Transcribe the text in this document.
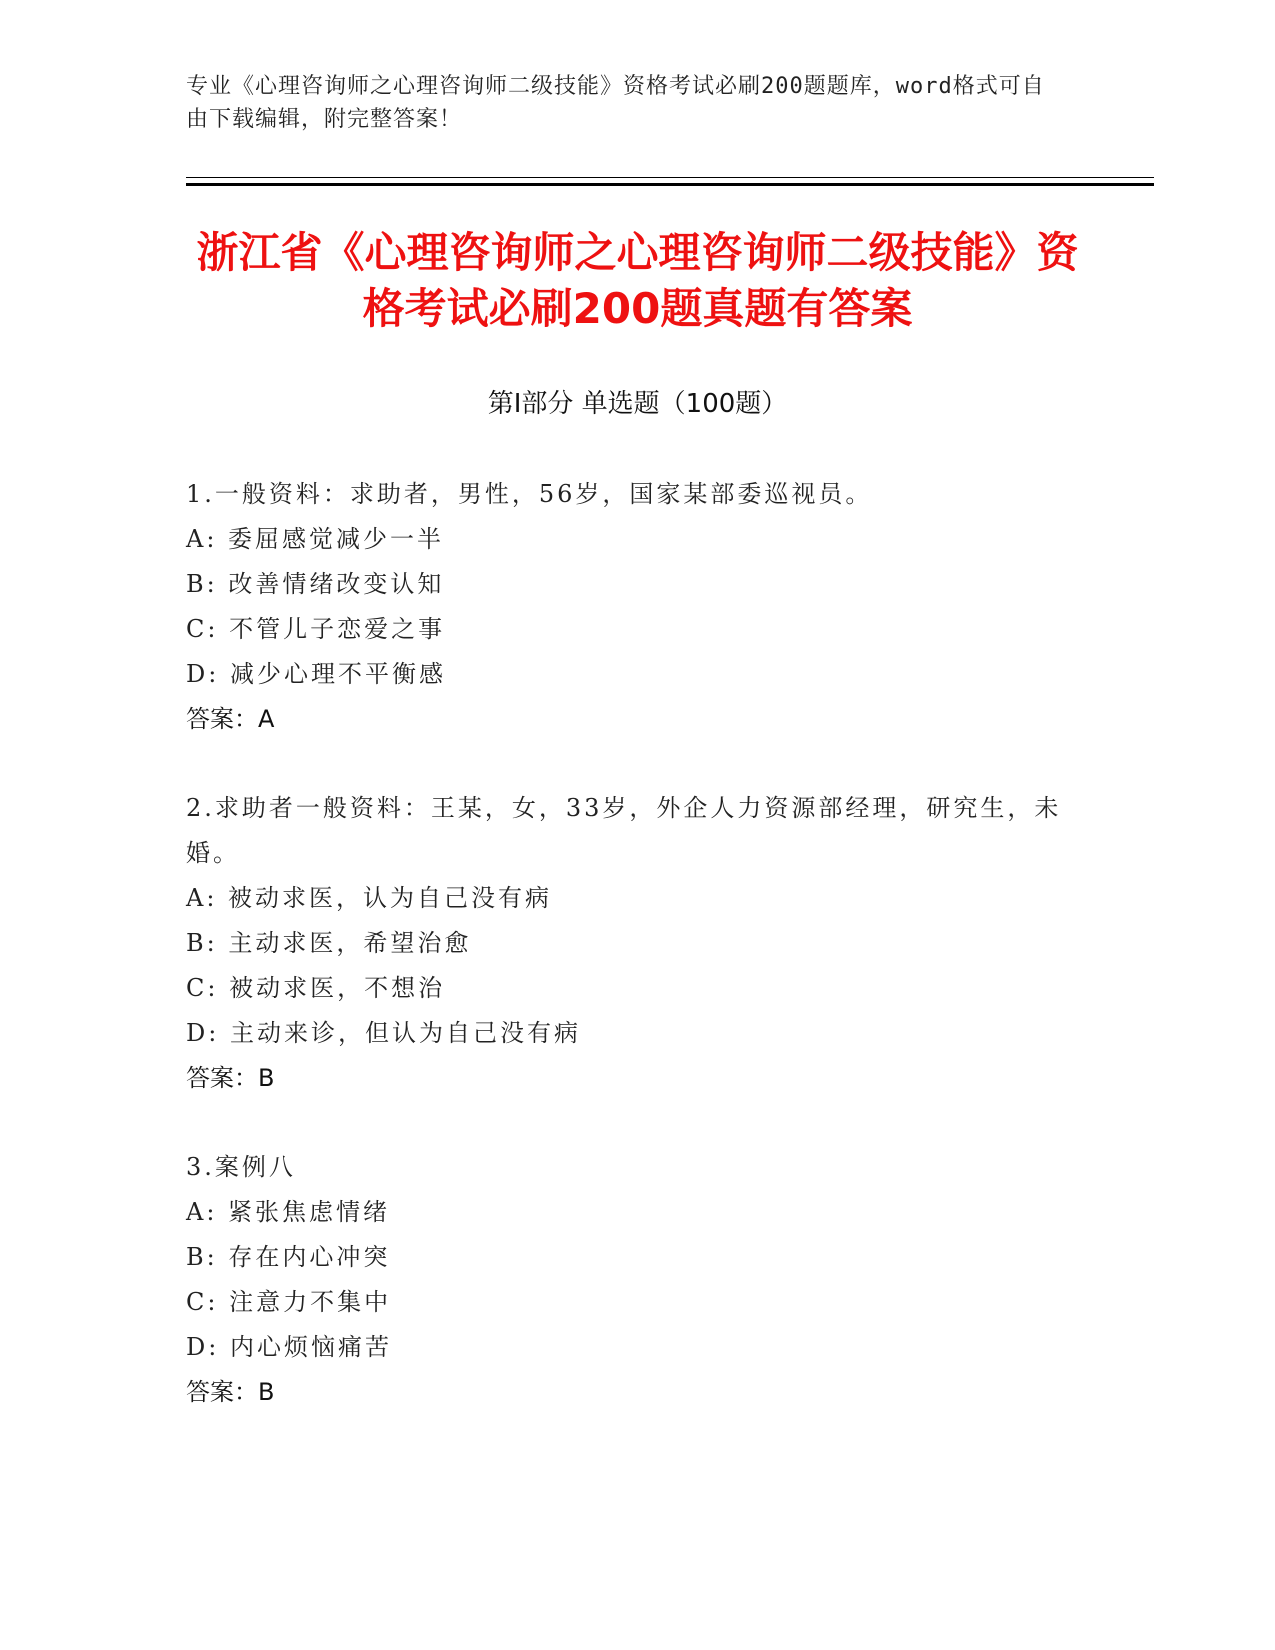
专业《心理咨询师之心理咨询师二级技能》资格考试必刷200题题库，word格式可自由下载编辑，附完整答案！
浙江省《心理咨询师之心理咨询师二级技能》资格考试必刷200题真题有答案
第Ⅰ部分 单选题（100题）

1.一般资料：求助者，男性，56岁，国家某部委巡视员。

A: 委屈感觉减少一半

B: 改善情绪改变认知

C: 不管儿子恋爱之事

D: 减少心理不平衡感

答案：A

2.求助者一般资料：王某，女，33岁，外企人力资源部经理，研究生，未婚。

A: 被动求医，认为自己没有病

B: 主动求医，希望治愈

C: 被动求医，不想治

D: 主动来诊，但认为自己没有病

答案：B

3.案例八

A: 紧张焦虑情绪

B: 存在内心冲突

C: 注意力不集中

D: 内心烦恼痛苦

答案：B
